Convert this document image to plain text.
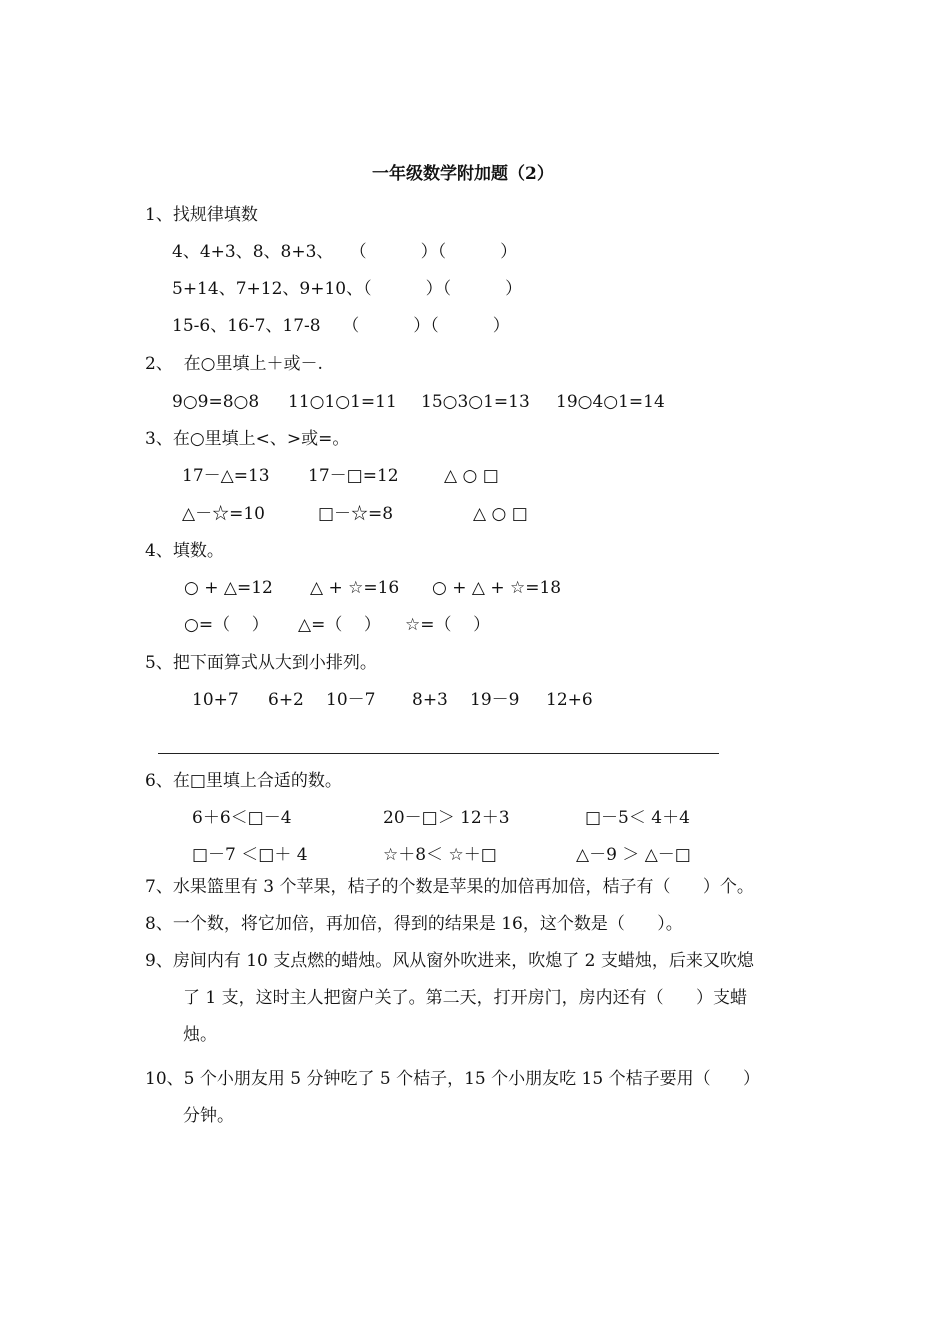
一年级数学附加题（2）
1、找规律填数
4、4+3、8、8+3、   （          ）（          ）
5+14、7+12、9+10、（          ）（          ）
15-6、16-7、17-8    （          ）（          ）
2、  在○里填上＋或－.
9○9=8○8 11○1○1=11 15○3○1=13 19○4○1=14
3、在○里填上<、>或=。
17－△=13 17－□=12	△ ○ □
△－☆=10	□－☆=8	△ ○ □
4、填数。
○ + △=12 △ + ☆=16 ○ + △ + ☆=18
○=（    ） △=（    ） ☆=（    ）
5、把下面算式从大到小排列。
10+7 6+2 10－7 8+3 19－9 12+6
6、在□里填上合适的数。
6＋6＜□－4	20－□＞ 12＋3	□－5＜ 4＋4
□－7 ＜□＋ 4	☆＋8＜ ☆＋□	△－9 ＞ △－□
7、水果篮里有 3 个苹果，桔子的个数是苹果的加倍再加倍，桔子有（      ）个。
8、一个数，将它加倍，再加倍，得到的结果是 16，这个数是（      ）。
9、房间内有 10 支点燃的蜡烛。风从窗外吹进来，吹熄了 2 支蜡烛，后来又吹熄
了 1 支，这时主人把窗户关了。第二天，打开房门，房内还有（      ）支蜡
烛。
10、5 个小朋友用 5 分钟吃了 5 个桔子，15 个小朋友吃 15 个桔子要用（      ）
分钟。
